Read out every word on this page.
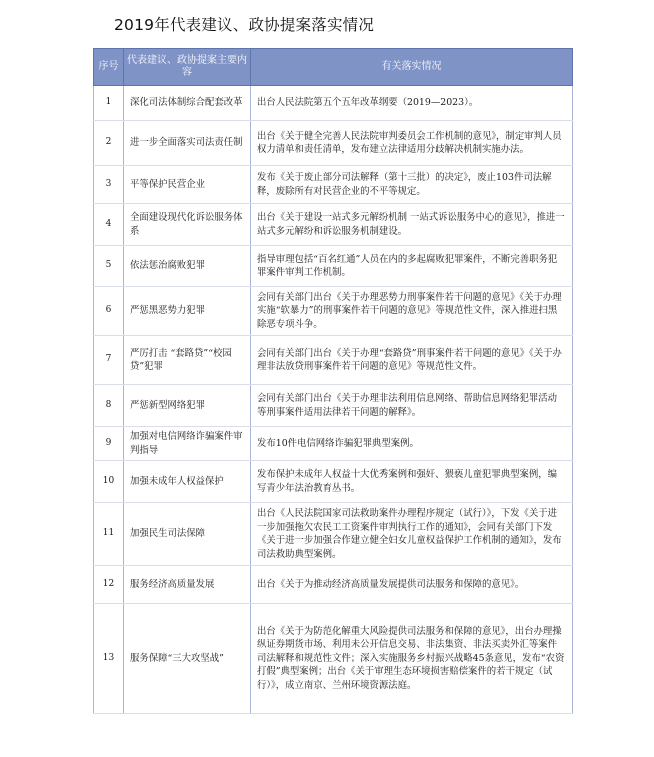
2019年代表建议、政协提案落实情况
序号	代表建议、政协提案主要内容	有关落实情况
1	深化司法体制综合配套改革	出台人民法院第五个五年改革纲要（2019—2023）。
2	进一步全面落实司法责任制	出台《关于健全完善人民法院审判委员会工作机制的意见》，制定审判人员权力清单和责任清单，发布建立法律适用分歧解决机制实施办法。
3	平等保护民营企业	发布《关于废止部分司法解释（第十三批）的决定》，废止103件司法解释，废除所有对民营企业的不平等规定。
4	全面建设现代化诉讼服务体系	出台《关于建设一站式多元解纷机制 一站式诉讼服务中心的意见》，推进一站式多元解纷和诉讼服务机制建设。
5	依法惩治腐败犯罪	指导审理包括“百名红通”人员在内的多起腐败犯罪案件，不断完善职务犯罪案件审判工作机制。
6	严惩黑恶势力犯罪	会同有关部门出台《关于办理恶势力刑事案件若干问题的意见》《关于办理实施“软暴力”的刑事案件若干问题的意见》等规范性文件，深入推进扫黑除恶专项斗争。
7	严厉打击 “套路贷”“校园贷”犯罪	会同有关部门出台《关于办理“套路贷”刑事案件若干问题的意见》《关于办理非法放贷刑事案件若干问题的意见》等规范性文件。
8	严惩新型网络犯罪	会同有关部门出台《关于办理非法利用信息网络、帮助信息网络犯罪活动等刑事案件适用法律若干问题的解释》。
9	加强对电信网络诈骗案件审判指导	发布10件电信网络诈骗犯罪典型案例。
10	加强未成年人权益保护	发布保护未成年人权益十大优秀案例和强奸、猥亵儿童犯罪典型案例，编写青少年法治教育丛书。
11	加强民生司法保障	出台《人民法院国家司法救助案件办理程序规定（试行）》，下发《关于进一步加强拖欠农民工工资案件审判执行工作的通知》，会同有关部门下发《关于进一步加强合作建立健全妇女儿童权益保护工作机制的通知》，发布司法救助典型案例。
12	服务经济高质量发展	出台《关于为推动经济高质量发展提供司法服务和保障的意见》。
13	服务保障“三大攻坚战”	出台《关于为防范化解重大风险提供司法服务和保障的意见》，出台办理操纵证券期货市场、利用未公开信息交易、非法集资、非法买卖外汇等案件司法解释和规范性文件；深入实施服务乡村振兴战略45条意见，发布“农资打假”典型案例；出台《关于审理生态环境损害赔偿案件的若干规定（试行）》，成立南京、兰州环境资源法庭。
